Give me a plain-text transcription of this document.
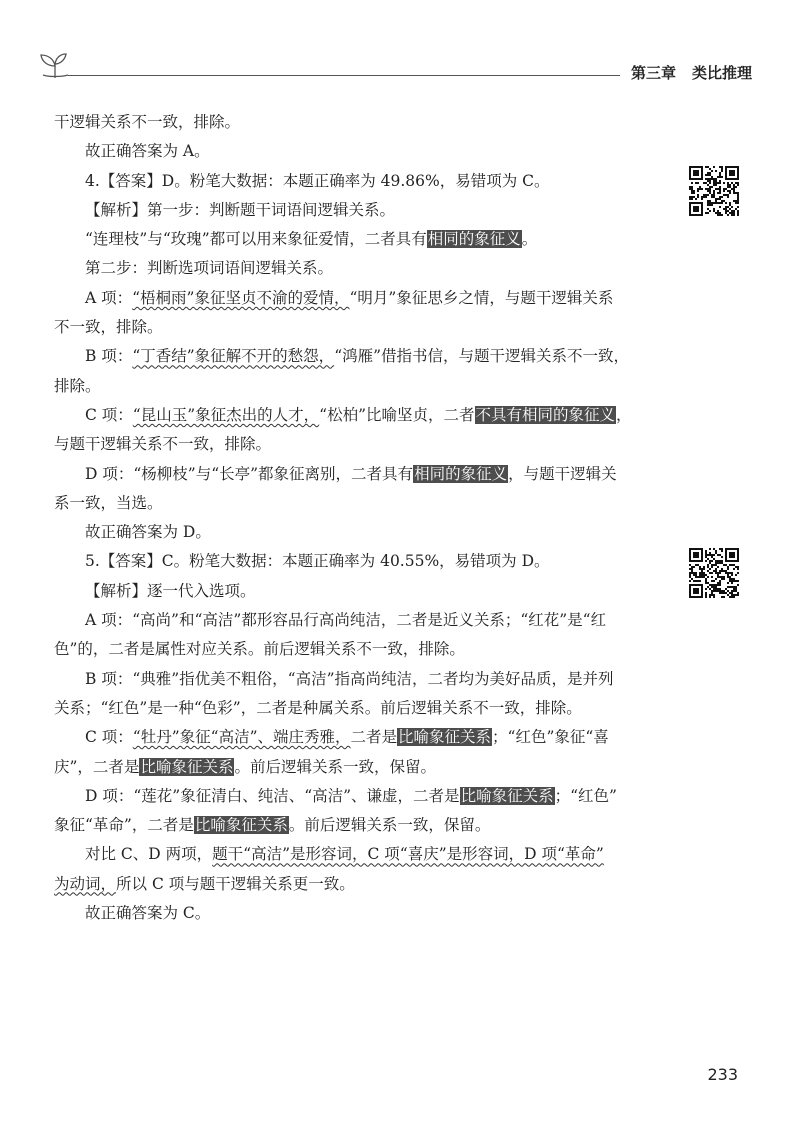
第三章 类比推理
干逻辑关系不一致，排除。
故正确答案为 A。
4.【答案】D。粉笔大数据：本题正确率为 49.86%，易错项为 C。
【解析】第一步：判断题干词语间逻辑关系。
“连理枝”与“玫瑰”都可以用来象征爱情，二者具有相同的象征义。
第二步：判断选项词语间逻辑关系。
A 项：“梧桐雨”象征坚贞不渝的爱情，“明月”象征思乡之情，与题干逻辑关系
不一致，排除。
B 项：“丁香结”象征解不开的愁怨，“鸿雁”借指书信，与题干逻辑关系不一致，
排除。
C 项：“昆山玉”象征杰出的人才，“松柏”比喻坚贞，二者不具有相同的象征义，
与题干逻辑关系不一致，排除。
D 项：“杨柳枝”与“长亭”都象征离别，二者具有相同的象征义，与题干逻辑关
系一致，当选。
故正确答案为 D。
5.【答案】C。粉笔大数据：本题正确率为 40.55%，易错项为 D。
【解析】逐一代入选项。
A 项：“高尚”和“高洁”都形容品行高尚纯洁，二者是近义关系；“红花”是“红
色”的，二者是属性对应关系。前后逻辑关系不一致，排除。
B 项：“典雅”指优美不粗俗，“高洁”指高尚纯洁，二者均为美好品质，是并列
关系；“红色”是一种“色彩”，二者是种属关系。前后逻辑关系不一致，排除。
C 项：“牡丹”象征“高洁”、端庄秀雅，二者是比喻象征关系；“红色”象征“喜
庆”，二者是比喻象征关系。前后逻辑关系一致，保留。
D 项：“莲花”象征清白、纯洁、“高洁”、谦虚，二者是比喻象征关系；“红色”
象征“革命”，二者是比喻象征关系。前后逻辑关系一致，保留。
对比 C、D 两项，题干“高洁”是形容词，C 项“喜庆”是形容词，D 项“革命”
为动词，所以 C 项与题干逻辑关系更一致。
故正确答案为 C。
233
